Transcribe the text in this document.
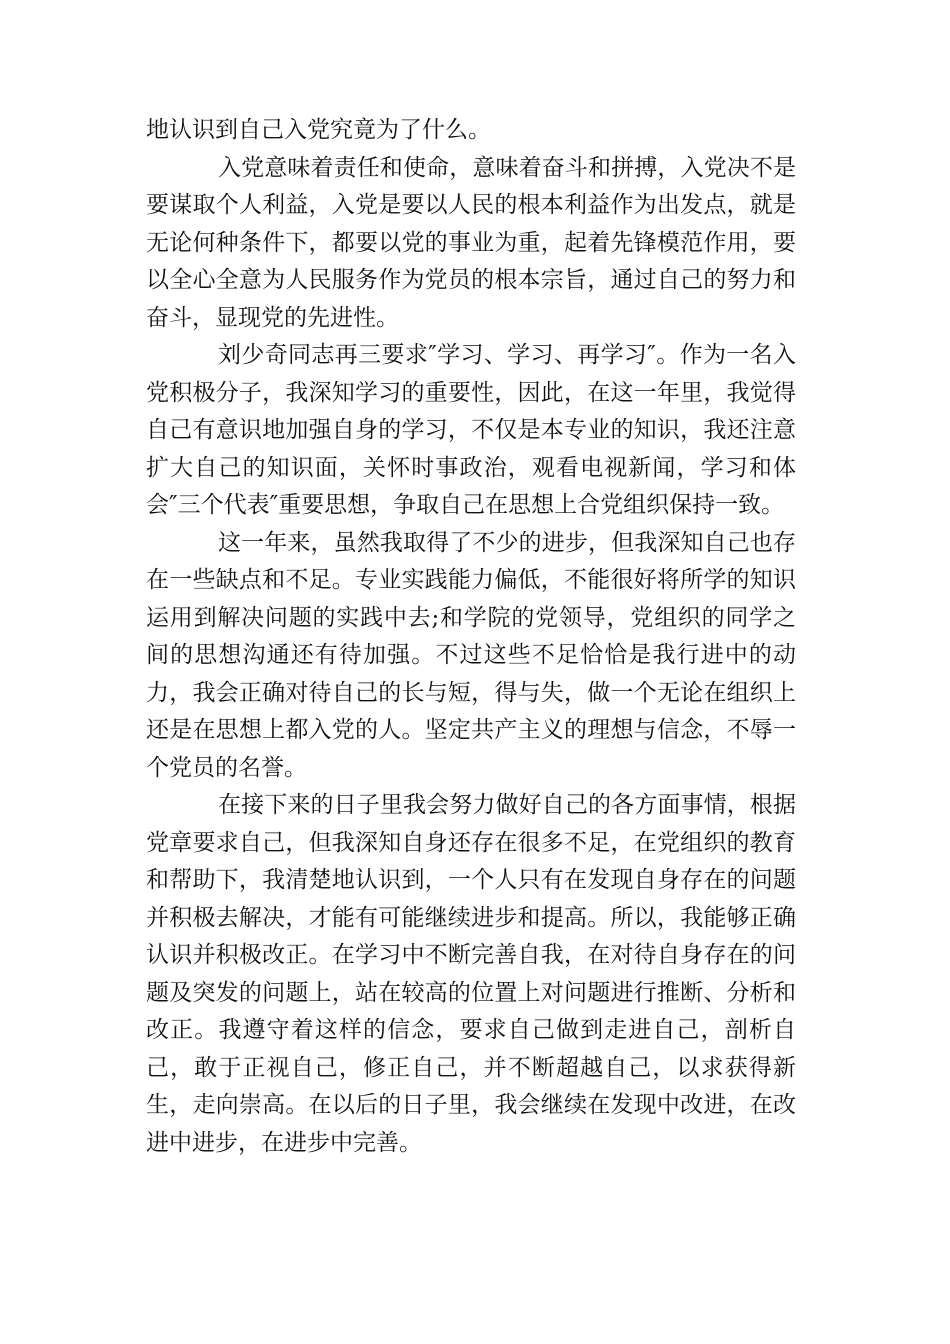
地认识到自己入党究竟为了什么。

入党意味着责任和使命，意味着奋斗和拼搏，入党决不是要谋取个人利益，入党是要以人民的根本利益作为出发点，就是无论何种条件下，都要以党的事业为重，起着先锋模范作用，要以全心全意为人民服务作为党员的根本宗旨，通过自己的努力和奋斗，显现党的先进性。

刘少奇同志再三要求″学习、学习、再学习″。作为一名入党积极分子，我深知学习的重要性，因此，在这一年里，我觉得自己有意识地加强自身的学习，不仅是本专业的知识，我还注意扩大自己的知识面，关怀时事政治，观看电视新闻，学习和体会″三个代表″重要思想，争取自己在思想上合党组织保持一致。

这一年来，虽然我取得了不少的进步，但我深知自己也存在一些缺点和不足。专业实践能力偏低，不能很好将所学的知识运用到解决问题的实践中去;和学院的党领导，党组织的同学之间的思想沟通还有待加强。不过这些不足恰恰是我行进中的动力，我会正确对待自己的长与短，得与失，做一个无论在组织上还是在思想上都入党的人。坚定共产主义的理想与信念，不辱一个党员的名誉。

在接下来的日子里我会努力做好自己的各方面事情，根据党章要求自己，但我深知自身还存在很多不足，在党组织的教育和帮助下，我清楚地认识到，一个人只有在发现自身存在的问题并积极去解决，才能有可能继续进步和提高。所以，我能够正确认识并积极改正。在学习中不断完善自我，在对待自身存在的问题及突发的问题上，站在较高的位置上对问题进行推断、分析和改正。我遵守着这样的信念，要求自己做到走进自己，剖析自己，敢于正视自己，修正自己，并不断超越自己，以求获得新生，走向崇高。在以后的日子里，我会继续在发现中改进，在改进中进步，在进步中完善。
